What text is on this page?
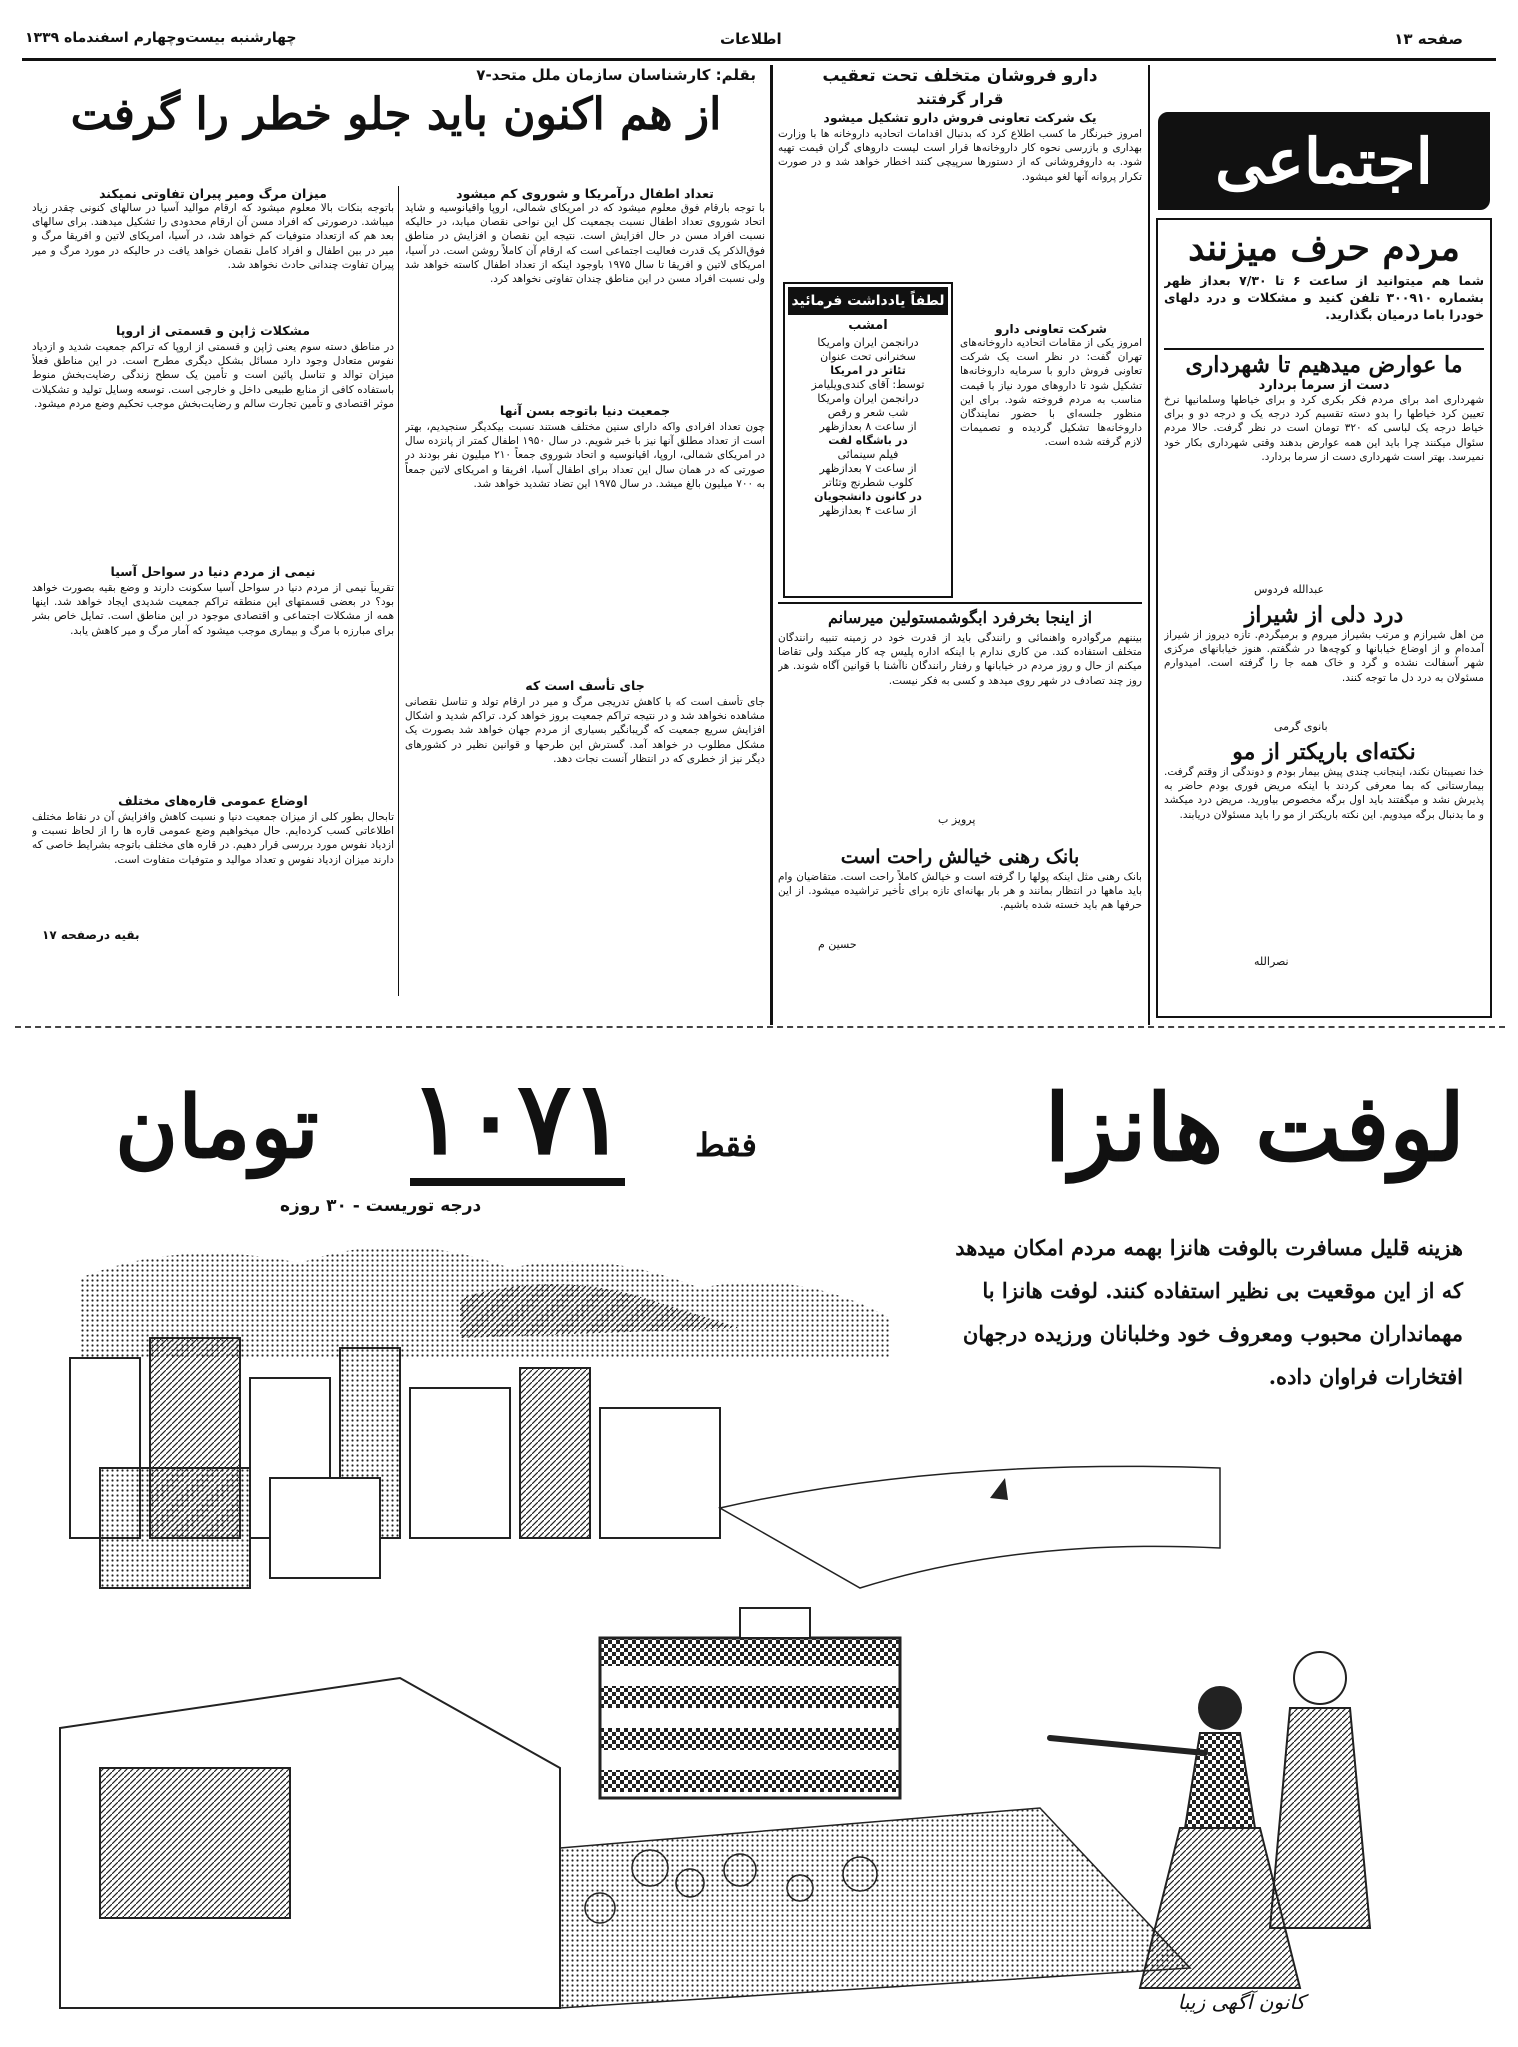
صفحه ۱۳
اطلاعات
چهارشنبه بیست‌وچهارم اسفندماه ۱۳۳۹
اجتماعی
مردم حرف میزنند
شما هم میتوانید از ساعت ۶ تا ۷/۳۰ بعداز ظهر بشماره ۳۰۰۹۱۰ تلفن کنید و مشکلات و درد دلهای خودرا باما درمیان بگذارید.
ما عوارض میدهیم تا شهرداری
دست از سرما بردارد
شهرداری امد برای مردم فکر بکری کرد و برای خیاطها وسلمانیها نرخ تعیین کرد خیاطها را بدو دسته تقسیم کرد درجه یک و درجه دو و برای خیاط درجه یک لباسی که ۳۲۰ تومان است در نظر گرفت. حالا مردم سئوال میکنند چرا باید این همه عوارض بدهند وقتی شهرداری بکار خود نمیرسد. بهتر است شهرداری دست از سرما بردارد.
عبدالله فردوس
درد دلی از شیراز
من اهل شیرازم و مرتب بشیراز میروم و برمیگردم. تازه دیروز از شیراز آمده‌ام و از اوضاع خیابانها و کوچه‌ها در شگفتم. هنوز خیابانهای مرکزی شهر آسفالت نشده و گرد و خاک همه جا را گرفته است. امیدوارم مسئولان به درد دل ما توجه کنند.
بانوی گرمی
نکته‌ای باریکتر از مو
خدا نصیبتان نکند، اینجانب چندی پیش بیمار بودم و دوندگی از وقتم گرفت. بیمارستانی که بما معرفی کردند با اینکه مریض فوری بودم حاضر به پذیرش نشد و میگفتند باید اول برگه مخصوص بیاورید. مریض درد میکشد و ما بدنبال برگه میدویم. این نکته باریکتر از مو را باید مسئولان دریابند.
نصرالله
دارو فروشان متخلف تحت تعقیب
قرار گرفتند
یک شرکت تعاونی فروش دارو تشکیل میشود
امروز خبرنگار ما کسب اطلاع کرد که بدنبال اقدامات اتحادیه داروخانه ها با وزارت بهداری و بازرسی نحوه کار داروخانه‌ها قرار است لیست داروهای گران قیمت تهیه شود. به داروفروشانی که از دستورها سرپیچی کنند اخطار خواهد شد و در صورت تکرار پروانه آنها لغو میشود.
لطفاً یادداشت فرمائید
امشب
درانجمن ایران وامریکا
سخنرانی تحت عنوان
تئاتر در امریکا
توسط: آقای کندی‌ویلیامز
درانجمن ایران وامریکا
شب شعر و رقص
از ساعت ۸ بعدازظهر
در باشگاه لفت
فیلم سینمائی
از ساعت ۷ بعدازظهر
کلوب شطرنج وتئاتر
در کانون دانشجویان
از ساعت ۴ بعدازظهر
شرکت تعاونی دارو
امروز یکی از مقامات اتحادیه داروخانه‌های تهران گفت: در نظر است یک شرکت تعاونی فروش دارو با سرمایه داروخانه‌ها تشکیل شود تا داروهای مورد نیاز با قیمت مناسب به مردم فروخته شود. برای این منظور جلسه‌ای با حضور نمایندگان داروخانه‌ها تشکیل گردیده و تصمیمات لازم گرفته شده است.
از اینجا بخرفرد ابگوشمستولین میرسانم
بیننهم مرگوادره واهنمائی و رانندگی باید از قدرت خود در زمینه تنبیه رانندگان متخلف استفاده کند. من کاری ندارم با اینکه اداره پلیس چه کار میکند ولی تقاضا میکنم از حال و روز مردم در خیابانها و رفتار رانندگان ناآشنا با قوانین آگاه شوند. هر روز چند تصادف در شهر روی میدهد و کسی به فکر نیست.
پرویز ب
بانک رهنی خیالش راحت است
بانک رهنی مثل اینکه پولها را گرفته است و خیالش کاملاً راحت است. متقاضیان وام باید ماهها در انتظار بمانند و هر بار بهانه‌ای تازه برای تأخیر تراشیده میشود. از این حرفها هم باید خسته شده باشیم.
حسین م
بقلم: کارشناسان سازمان ملل متحد-۷
از هم اکنون باید جلو خطر را گرفت
تعداد اطفال درآمریکا و شوروی کم میشود
با توجه بارقام فوق معلوم میشود که در امریکای شمالی، اروپا واقیانوسیه و شاید اتحاد شوروی تعداد اطفال نسبت بجمعیت کل این نواحی نقصان میابد، در حالیکه نسبت افراد مسن در حال افزایش است. نتیجه این نقصان و افزایش در مناطق فوق‌الذکر یک قدرت فعالیت اجتماعی است که ارقام آن کاملاً روشن است. در آسیا، امریکای لاتین و افریقا تا سال ۱۹۷۵ باوجود اینکه از تعداد اطفال کاسته خواهد شد ولی نسبت افراد مسن در این مناطق چندان تفاوتی نخواهد کرد.
جمعیت دنیا باتوجه بسن آنها
چون تعداد افرادی واکه دارای سنین مختلف هستند نسبت بیکدیگر سنجیدیم، بهتر است از تعداد مطلق آنها نیز با خبر شویم. در سال ۱۹۵۰ اطفال کمتر از پانزده سال در امریکای شمالی، اروپا، اقیانوسیه و اتحاد شوروی جمعاً ۲۱۰ میلیون نفر بودند در صورتی که در همان سال این تعداد برای اطفال آسیا، افریقا و امریکای لاتین جمعاً به ۷۰۰ میلیون بالغ میشد. در سال ۱۹۷۵ این تضاد تشدید خواهد شد.
جای تأسف است که
جای تأسف است که با کاهش تدریجی مرگ و میر در ارقام تولد و تناسل نقصانی مشاهده نخواهد شد و در نتیجه تراکم جمعیت بروز خواهد کرد. تراکم شدید و اشکال افزایش سریع جمعیت که گریبانگیر بسیاری از مردم جهان خواهد شد بصورت یک مشکل مطلوب در خواهد آمد. گسترش این طرحها و قوانین نظیر در کشورهای دیگر نیز از خطری که در انتظار آنست نجات دهد.
میزان مرگ ومیر پیران تفاوتی نمیکند
باتوجه بنکات بالا معلوم میشود که ارقام موالید آسیا در سالهای کنونی چقدر زیاد میباشد. درصورتی که افراد مسن آن ارقام محدودی را تشکیل میدهند. برای سالهای بعد هم که ازتعداد متوفیات کم خواهد شد، در آسیا، امریکای لاتین و افریقا مرگ و میر در بین اطفال و افراد کامل نقصان خواهد یافت در حالیکه در مورد مرگ و میر پیران تفاوت چندانی حادث نخواهد شد.
مشکلات ژاپن و قسمتی از اروپا
در مناطق دسته سوم یعنی ژاپن و قسمتی از اروپا که تراکم جمعیت شدید و ازدیاد نفوس متعادل وجود دارد مسائل بشکل دیگری مطرح است. در این مناطق فعلاً میزان توالد و تناسل پائین است و تأمین یک سطح زندگی رضایت‌بخش منوط باستفاده کافی از منابع طبیعی داخل و خارجی است. توسعه وسایل تولید و تشکیلات موثر اقتصادی و تأمین تجارت سالم و رضایت‌بخش موجب تحکیم وضع مردم میشود.
نیمی از مردم دنیا در سواحل آسیا
تقریباً نیمی از مردم دنیا در سواحل آسیا سکونت دارند و وضع بقیه بصورت خواهد بود؟ در بعضی قسمتهای این منطقه تراکم جمعیت شدیدی ایجاد خواهد شد. اینها همه از مشکلات اجتماعی و اقتصادی موجود در این مناطق است. تمایل خاص بشر برای مبارزه با مرگ و بیماری موجب میشود که آمار مرگ و میر کاهش یابد.
اوضاع عمومی قاره‌های مختلف
تابحال بطور کلی از میزان جمعیت دنیا و نسبت کاهش وافزایش آن در نقاط مختلف اطلاعاتی کسب کرده‌ایم. حال میخواهیم وضع عمومی قاره ها را از لحاظ نسبت و ازدیاد نفوس مورد بررسی قرار دهیم. در قاره های مختلف باتوجه بشرایط خاصی که دارند میزان ازدیاد نفوس و تعداد موالید و متوفیات متفاوت است.
بقیه درصفحه ۱۷
لوفت هانزا
فقط
۱۰۷۱
تومان
درجه توریست - ۳۰ روزه
هزینه قلیل مسافرت بالوفت هانزا بهمه مردم امکان میدهد
که از این موقعیت بی نظیر استفاده کنند. لوفت هانزا با
مهمانداران محبوب ومعروف خود وخلبانان ورزیده درجهان
افتخارات فراوان داده.
کانون آگهی زیبا
